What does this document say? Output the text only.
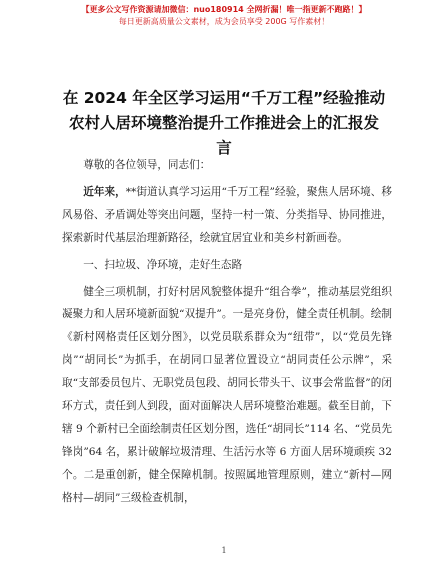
【更多公文写作资源请加微信：nuo180914 全网折漏！唯一指更新不跑路！】
每日更新高质量公文素材，成为会员享受 200G 写作素材！
在 2024 年全区学习运用“千万工程”经验推动
农村人居环境整治提升工作推进会上的汇报发
言

尊敬的各位领导，同志们：

近年来，**街道认真学习运用“千万工程”经验，聚焦人居环境、移风易俗、矛盾调处等突出问题，坚持一村一策、分类指导、协同推进，探索新时代基层治理新路径，绘就宜居宜业和美乡村新画卷。

一、扫垃圾、净环境，走好生态路

健全三项机制，打好村居风貌整体提升“组合拳”，推动基层党组织凝聚力和人居环境新面貌“双提升”。一是亮身份，健全责任机制。绘制《新村网格责任区划分图》，以党员联系群众为“纽带”，以“党员先锋岗”“胡同长”为抓手，在胡同口显著位置设立“胡同责任公示牌”，采取“支部委员包片、无职党员包段、胡同长带头干、议事会常监督”的闭环方式，责任到人到段，面对面解决人居环境整治难题。截至目前，下辖 9 个新村已全面绘制责任区划分图，选任“胡同长”114 名、“党员先锋岗”64 名，累计破解垃圾清理、生活污水等 6 方面人居环境顽疾 32 个。二是重创新，健全保障机制。按照属地管理原则，建立“新村—网格村—胡同”三级检查机制，

1
